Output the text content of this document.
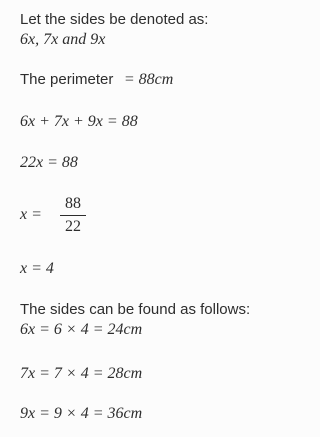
Let the sides be denoted as:
6x, 7x and 9x
The perimeter = 88cm
6x + 7x + 9x = 88
22x = 88
x =
88
22
x = 4
The sides can be found as follows:
6x = 6 × 4 = 24cm
7x = 7 × 4 = 28cm
9x = 9 × 4 = 36cm
